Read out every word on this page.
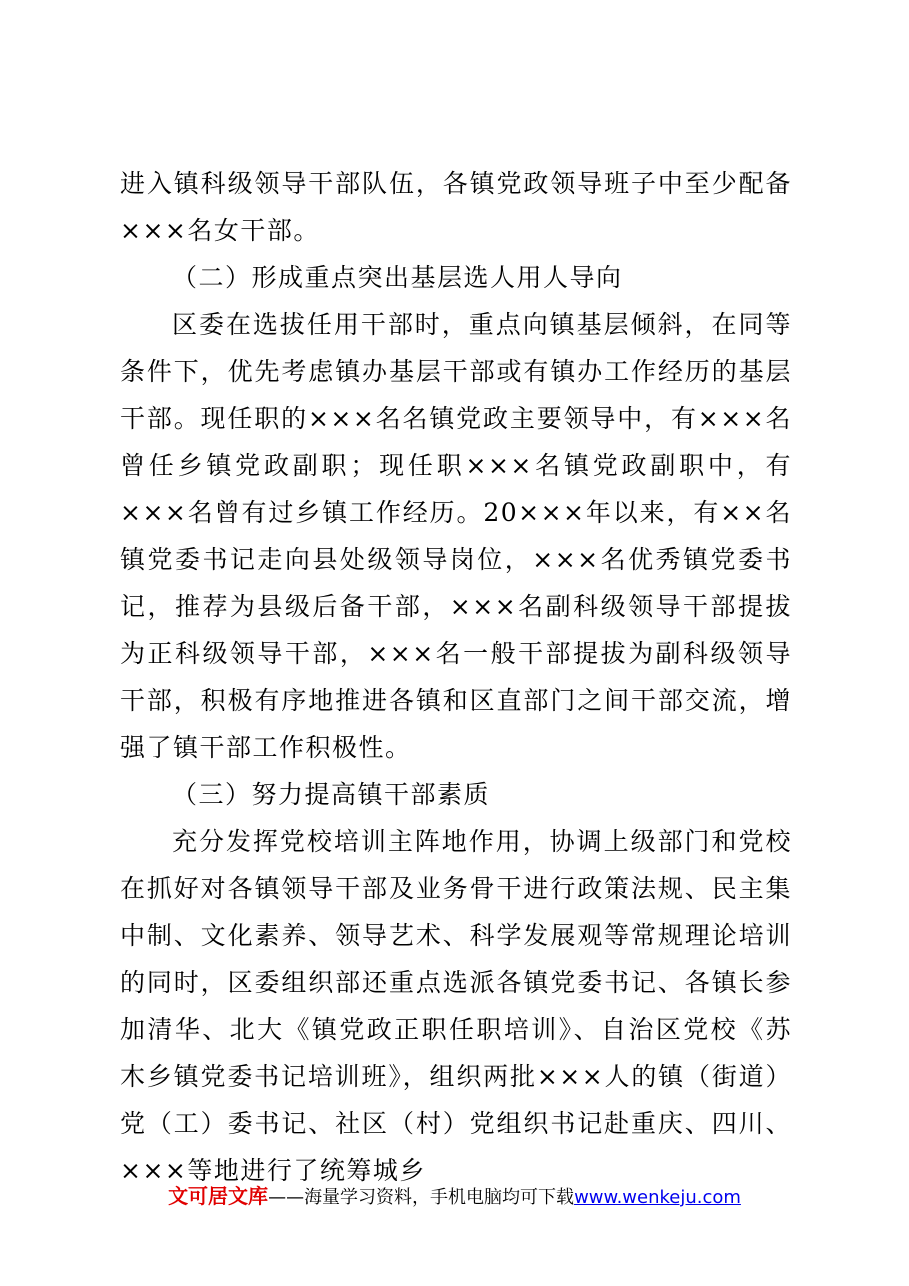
进入镇科级领导干部队伍，各镇党政领导班子中至少配备×××名女干部。

（二）形成重点突出基层选人用人导向

区委在选拔任用干部时，重点向镇基层倾斜，在同等条件下，优先考虑镇办基层干部或有镇办工作经历的基层干部。现任职的×××名名镇党政主要领导中，有×××名曾任乡镇党政副职；现任职×××名镇党政副职中，有×××名曾有过乡镇工作经历。20×××年以来，有××名镇党委书记走向县处级领导岗位，×××名优秀镇党委书记，推荐为县级后备干部，×××名副科级领导干部提拔为正科级领导干部，×××名一般干部提拔为副科级领导干部，积极有序地推进各镇和区直部门之间干部交流，增强了镇干部工作积极性。

（三）努力提高镇干部素质

充分发挥党校培训主阵地作用，协调上级部门和党校在抓好对各镇领导干部及业务骨干进行政策法规、民主集中制、文化素养、领导艺术、科学发展观等常规理论培训的同时，区委组织部还重点选派各镇党委书记、各镇长参加清华、北大《镇党政正职任职培训》、自治区党校《苏木乡镇党委书记培训班》，组织两批×××人的镇（街道）党（工）委书记、社区（村）党组织书记赴重庆、四川、×××等地进行了统筹城乡

文可居文库——海量学习资料，手机电脑均可下载www.wenkeju.com
